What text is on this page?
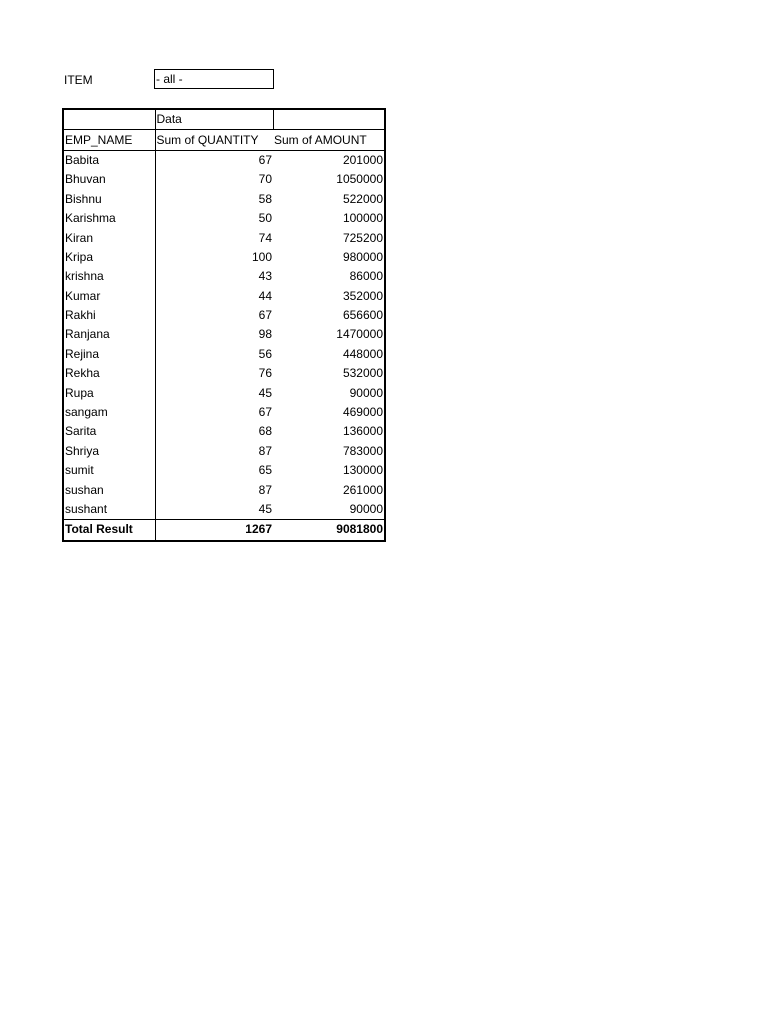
ITEM	- all -
	Data	
EMP_NAME	Sum of QUANTITY	Sum of AMOUNT
Babita	67	201000
Bhuvan	70	1050000
Bishnu	58	522000
Karishma	50	100000
Kiran	74	725200
Kripa	100	980000
krishna	43	86000
Kumar	44	352000
Rakhi	67	656600
Ranjana	98	1470000
Rejina	56	448000
Rekha	76	532000
Rupa	45	90000
sangam	67	469000
Sarita	68	136000
Shriya	87	783000
sumit	65	130000
sushan	87	261000
sushant	45	90000
Total Result	1267	9081800
